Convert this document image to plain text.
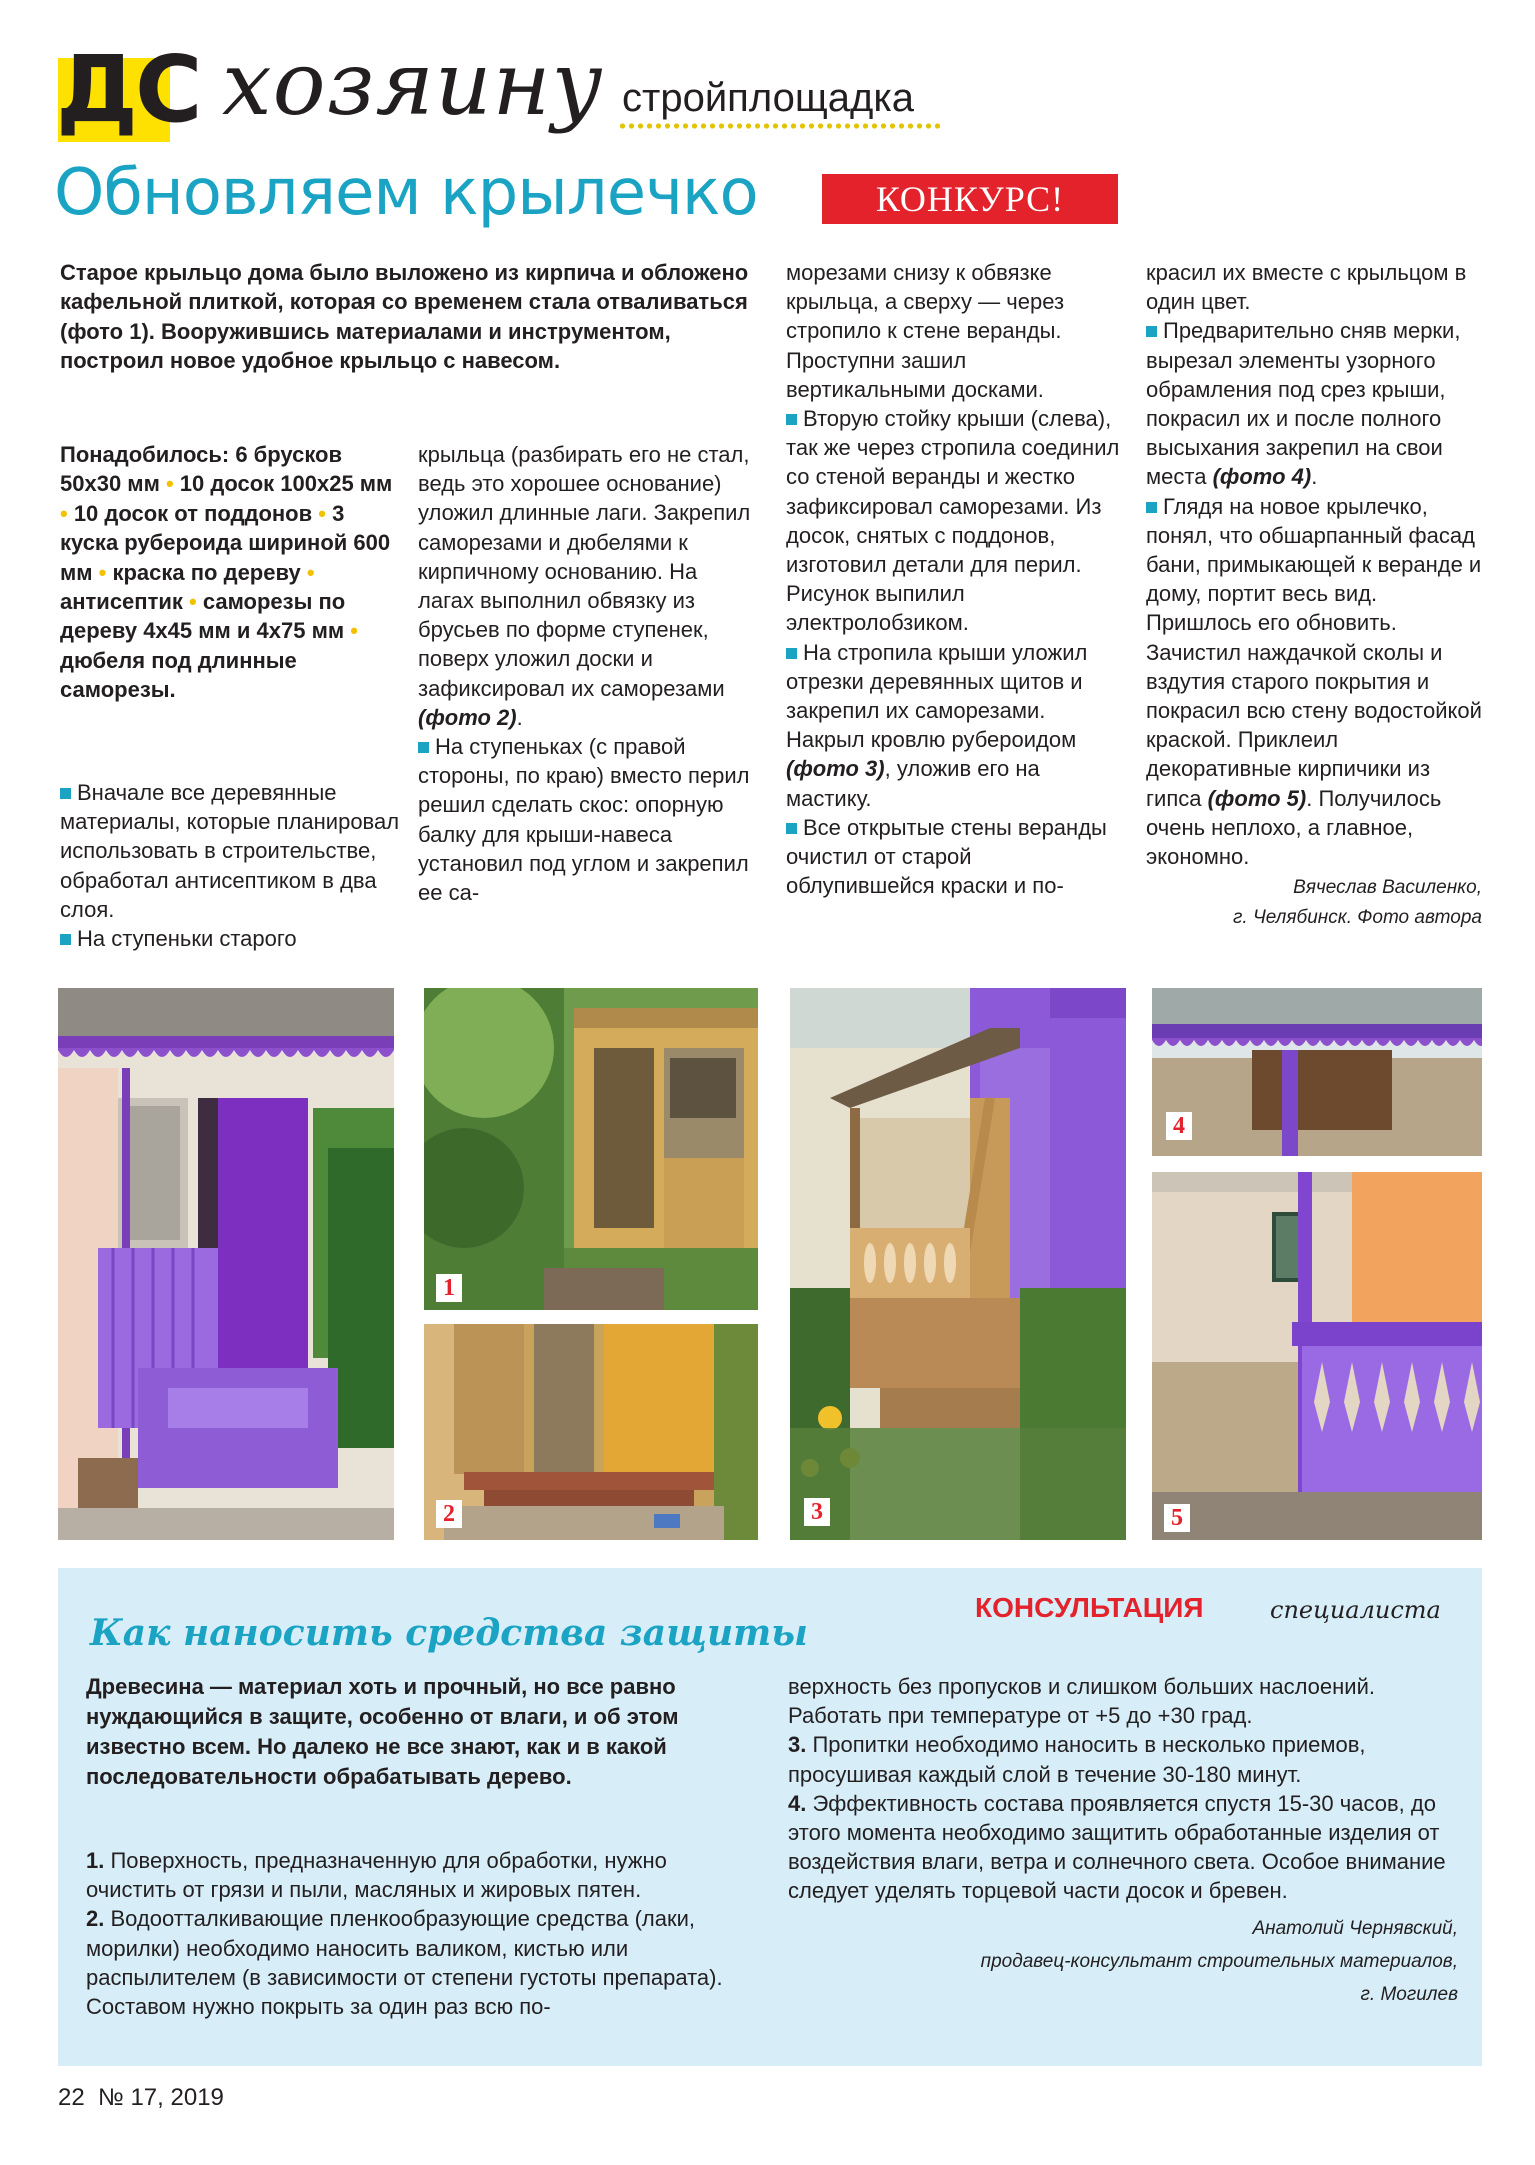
ДС хозяину стройплощадка
Обновляем крылечко	КОНКУРС!
Старое крыльцо дома было выложено из кирпича и обложено кафельной плиткой, которая со временем стала отваливаться (фото 1). Вооружившись материалами и инструментом, построил новое удобное крыльцо с навесом.

Понадобилось: 6 брусков 50х30 мм • 10 досок 100х25 мм • 10 досок от поддонов • 3 куска рубероида шириной 600 мм • краска по дереву • антисептик • саморезы по дереву 4х45 мм и 4х75 мм • дюбеля под длинные саморезы.

Вначале все деревянные материалы, которые планировал использовать в строительстве, обработал антисептиком в два слоя.

На ступеньки старого

крыльца (разбирать его не стал, ведь это хорошее основание) уложил длинные лаги. Закрепил саморезами и дюбелями к кирпичному основанию. На лагах выполнил обвязку из брусьев по форме ступенек, поверх уложил доски и зафиксировал их саморезами (фото 2).

На ступеньках (с правой стороны, по краю) вместо перил решил сделать скос: опорную балку для крыши-навеса установил под углом и закрепил ее са-

морезами снизу к обвязке крыльца, а сверху — через стропило к стене веранды. Проступни зашил вертикальными досками.

Вторую стойку крыши (слева), так же через стропила соединил со стеной веранды и жестко зафиксировал саморезами. Из досок, снятых с поддонов, изготовил детали для перил. Рисунок выпилил электролобзиком.

На стропила крыши уложил отрезки деревянных щитов и закрепил их саморезами. Накрыл кровлю рубероидом (фото 3), уложив его на мастику.

Все открытые стены веранды очистил от старой облупившейся краски и по-

красил их вместе с крыльцом в один цвет.

Предварительно сняв мерки, вырезал элементы узорного обрамления под срез крыши, покрасил их и после полного высыхания закрепил на свои места (фото 4).

Глядя на новое крылечко, понял, что обшарпанный фасад бани, примыкающей к веранде и дому, портит весь вид. Пришлось его обновить. Зачистил наждачкой сколы и вздутия старого покрытия и покрасил всю стену водостойкой краской. Приклеил декоративные кирпичики из гипса (фото 5). Получилось очень неплохо, а главное, экономно.

Вячеслав Василенко,

г. Челябинск. Фото автора

1
2	3
4
5
КОНСУЛЬТАЦИЯ	специалиста
Как наносить средства защиты
Древесина — материал хоть и прочный, но все равно нуждающийся в защите, особенно от влаги, и об этом известно всем. Но далеко не все знают, как и в какой последовательности обрабатывать дерево.

1. Поверхность, предназначенную для обработки, нужно очистить от грязи и пыли, масляных и жировых пятен.

2. Водоотталкивающие пленкообразующие средства (лаки, морилки) необходимо наносить валиком, кистью или распылителем (в зависимости от степени густоты препарата). Составом нужно покрыть за один раз всю по-

верхность без пропусков и слишком больших наслоений. Работать при температуре от +5 до +30 град.

3. Пропитки необходимо наносить в несколько приемов, просушивая каждый слой в течение 30-180 минут.

4. Эффективность состава проявляется спустя 15-30 часов, до этого момента необходимо защитить обработанные изделия от воздействия влаги, ветра и солнечного света. Особое внимание следует уделять торцевой части досок и бревен.

Анатолий Чернявский,

продавец-консультант строительных материалов,

г. Могилев

22 № 17, 2019
